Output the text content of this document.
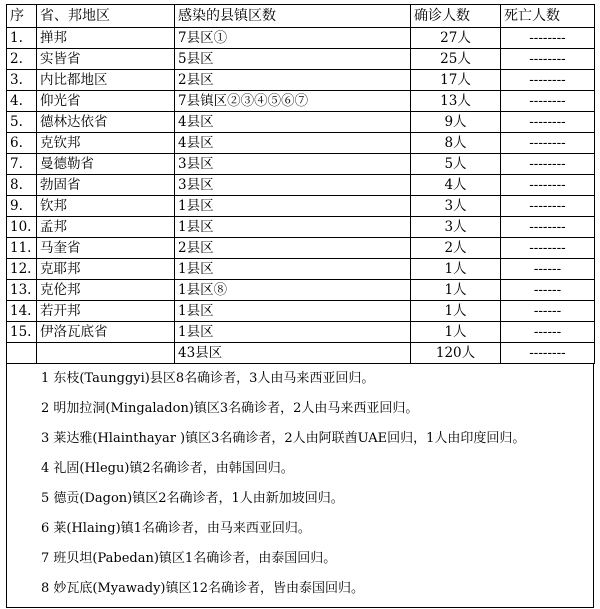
序	省、邦地区	感染的县镇区数	确诊人数	死亡人数
1.	掸邦	7县区①	27人	--------
2.	实皆省	5县区	25人	--------
3.	内比都地区	2县区	17人	--------
4.	仰光省	7县镇区②③④⑤⑥⑦	13人	--------
5.	德林达依省	4县区	9人	--------
6.	克钦邦	4县区	8人	--------
7.	曼德勒省	3县区	5人	--------
8.	勃固省	3县区	4人	--------
9.	钦邦	1县区	3人	--------
10.	孟邦	1县区	3人	--------
11.	马奎省	2县区	2人	--------
12.	克耶邦	1县区	1人	------
13.	克伦邦	1县区⑧	1人	------
14.	若开邦	1县区	1人	------
15.	伊洛瓦底省	1县区	1人	------
		43县区	120人	--------
1 东枝(Taunggyi)县区8名确诊者，3人由马来西亚回归。
2 明加拉洞(Mingaladon)镇区3名确诊者，2人由马来西亚回归。
3 莱达雅(Hlainthayar )镇区3名确诊者，2人由阿联酋UAE回归，1人由印度回归。
4 礼固(Hlegu)镇2名确诊者，由韩国回归。
5 德贡(Dagon)镇区2名确诊者，1人由新加坡回归。
6 莱(Hlaing)镇1名确诊者，由马来西亚回归。
7 班贝坦(Pabedan)镇区1名确诊者，由泰国回归。
8 妙瓦底(Myawady)镇区12名确诊者，皆由泰国回归。
